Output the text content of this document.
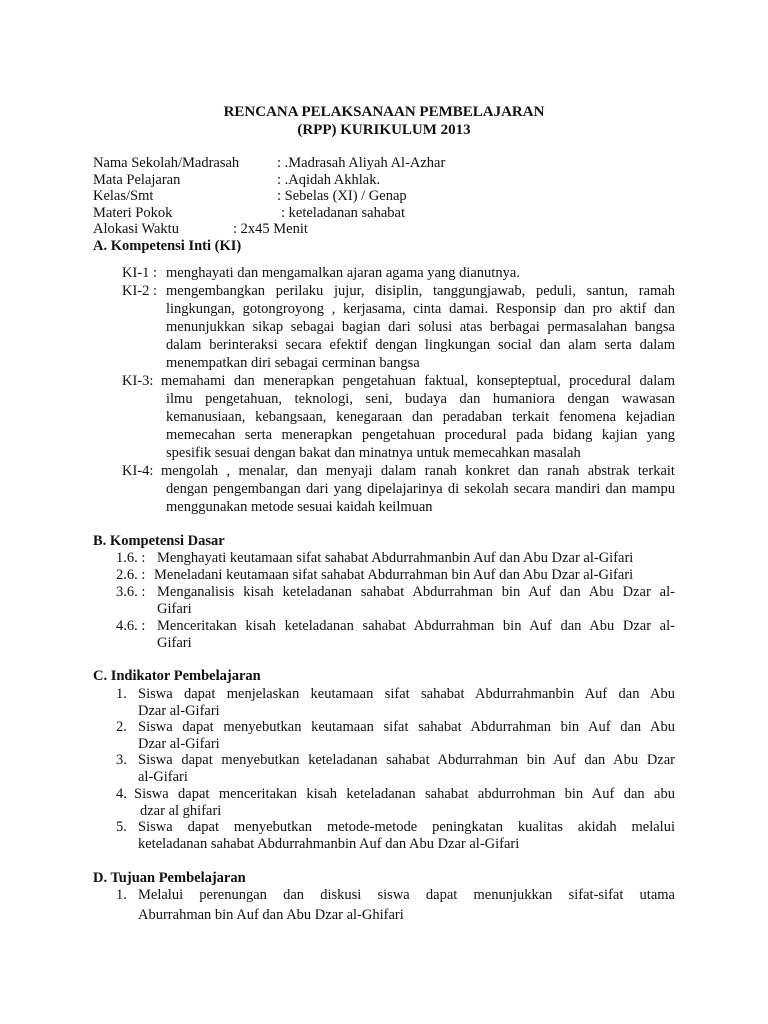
RENCANA PELAKSANAAN PEMBELAJARAN
(RPP) KURIKULUM 2013
Nama Sekolah/Madrasah	: .Madrasah Aliyah Al-Azhar
Mata Pelajaran	: .Aqidah Akhlak.
Kelas/Smt	: Sebelas (XI) / Genap
Materi Pokok	: keteladanan sahabat
Alokasi Waktu	: 2x45 Menit
A. Kompetensi Inti (KI)
KI-1 : menghayati dan mengamalkan ajaran agama yang dianutnya.
KI-2 : mengembangkan perilaku jujur, disiplin, tanggungjawab, peduli, santun, ramah
lingkungan, gotongroyong , kerjasama, cinta damai. Responsip dan pro aktif dan menunjukkan sikap sebagai bagian dari solusi atas berbagai permasalahan bangsa dalam berinteraksi secara efektif dengan lingkungan social dan alam serta dalam menempatkan diri sebagai cerminan bangsa
KI-3: memahami dan menerapkan pengetahuan faktual, konsepteptual, procedural dalam
ilmu pengetahuan, teknologi, seni, budaya dan humaniora dengan wawasan kemanusiaan, kebangsaan, kenegaraan dan peradaban terkait fenomena kejadian memecahan serta menerapkan pengetahuan procedural pada bidang kajian yang spesifik sesuai dengan bakat dan minatnya untuk memecahkan masalah
KI-4: mengolah , menalar, dan menyaji dalam ranah konkret dan ranah abstrak terkait
dengan pengembangan dari yang dipelajarinya di sekolah secara mandiri dan mampu menggunakan metode sesuai kaidah keilmuan
B. Kompetensi Dasar
1.6. : Menghayati keutamaan sifat sahabat Abdurrahmanbin Auf dan Abu Dzar al-Gifari
2.6. : Meneladani keutamaan sifat sahabat Abdurrahman bin Auf dan Abu Dzar al-Gifari
3.6. : Menganalisis kisah keteladanan sahabat Abdurrahman bin Auf dan Abu Dzar al-
Gifari
4.6. : Menceritakan kisah keteladanan sahabat Abdurrahman bin Auf dan Abu Dzar al-
Gifari
C. Indikator Pembelajaran
1. Siswa dapat menjelaskan keutamaan sifat sahabat Abdurrahmanbin Auf dan Abu
Dzar al-Gifari
2. Siswa dapat menyebutkan keutamaan sifat sahabat Abdurrahman bin Auf dan Abu
Dzar al-Gifari
3. Siswa dapat menyebutkan keteladanan sahabat Abdurrahman bin Auf dan Abu Dzar
al-Gifari
4. Siswa dapat menceritakan kisah keteladanan sahabat abdurrohman bin Auf dan abu
dzar al ghifari
5. Siswa dapat menyebutkan metode-metode peningkatan kualitas akidah melalui
keteladanan sahabat Abdurrahmanbin Auf dan Abu Dzar al-Gifari
D. Tujuan Pembelajaran
1. Melalui perenungan dan diskusi siswa dapat menunjukkan sifat-sifat utama
Aburrahman bin Auf dan Abu Dzar al-Ghifari
